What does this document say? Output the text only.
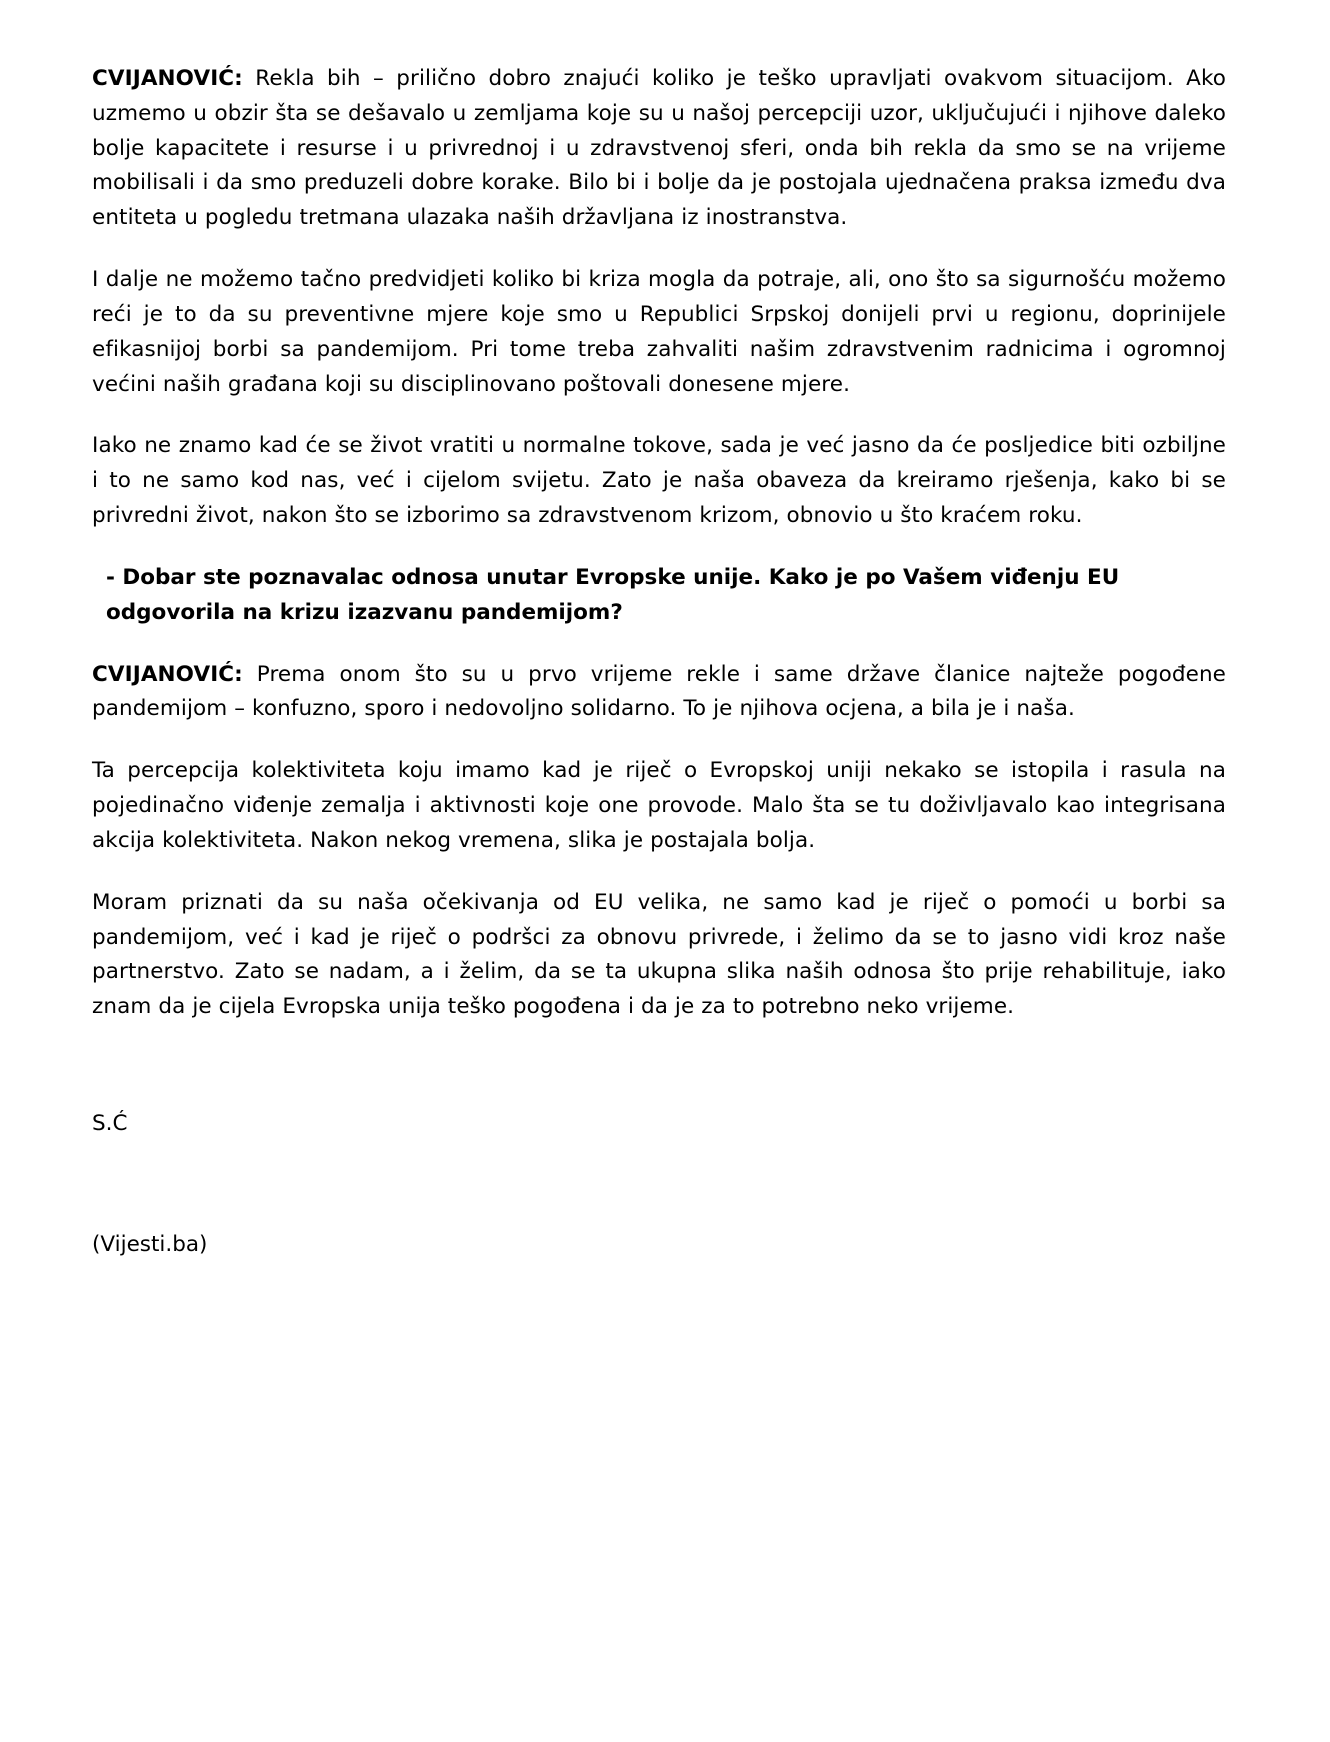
CVIJANOVIĆ: Rekla bih – prilično dobro znajući koliko je teško upravljati ovakvom situacijom. Ako uzmemo u obzir šta se dešavalo u zemljama koje su u našoj percepciji uzor, uključujući i njihove daleko bolje kapacitete i resurse i u privrednoj i u zdravstvenoj sferi, onda bih rekla da smo se na vrijeme mobilisali i da smo preduzeli dobre korake. Bilo bi i bolje da je postojala ujednačena praksa između dva entiteta u pogledu tretmana ulazaka naših državljana iz inostranstva.

I dalje ne možemo tačno predvidjeti koliko bi kriza mogla da potraje, ali, ono što sa sigurnošću možemo reći je to da su preventivne mjere koje smo u Republici Srpskoj donijeli prvi u regionu, doprinijele efikasnijoj borbi sa pandemijom. Pri tome treba zahvaliti našim zdravstvenim radnicima i ogromnoj većini naših građana koji su disciplinovano poštovali donesene mjere.

Iako ne znamo kad će se život vratiti u normalne tokove, sada je već jasno da će posljedice biti ozbiljne i to ne samo kod nas, već i cijelom svijetu. Zato je naša obaveza da kreiramo rješenja, kako bi se privredni život, nakon što se izborimo sa zdravstvenom krizom, obnovio u što kraćem roku.

- Dobar ste poznavalac odnosa unutar Evropske unije. Kako je po Vašem viđenju EU odgovorila na krizu izazvanu pandemijom?

CVIJANOVIĆ: Prema onom što su u prvo vrijeme rekle i same države članice najteže pogođene pandemijom – konfuzno, sporo i nedovoljno solidarno. To je njihova ocjena, a bila je i naša.

Ta percepcija kolektiviteta koju imamo kad je riječ o Evropskoj uniji nekako se istopila i rasula na pojedinačno viđenje zemalja i aktivnosti koje one provode. Malo šta se tu doživljavalo kao integrisana akcija kolektiviteta. Nakon nekog vremena, slika je postajala bolja.

Moram priznati da su naša očekivanja od EU velika, ne samo kad je riječ o pomoći u borbi sa pandemijom, već i kad je riječ o podršci za obnovu privrede, i želimo da se to jasno vidi kroz naše partnerstvo. Zato se nadam, a i želim, da se ta ukupna slika naših odnosa što prije rehabilituje, iako znam da je cijela Evropska unija teško pogođena i da je za to potrebno neko vrijeme.

S.Ć

(Vijesti.ba)
